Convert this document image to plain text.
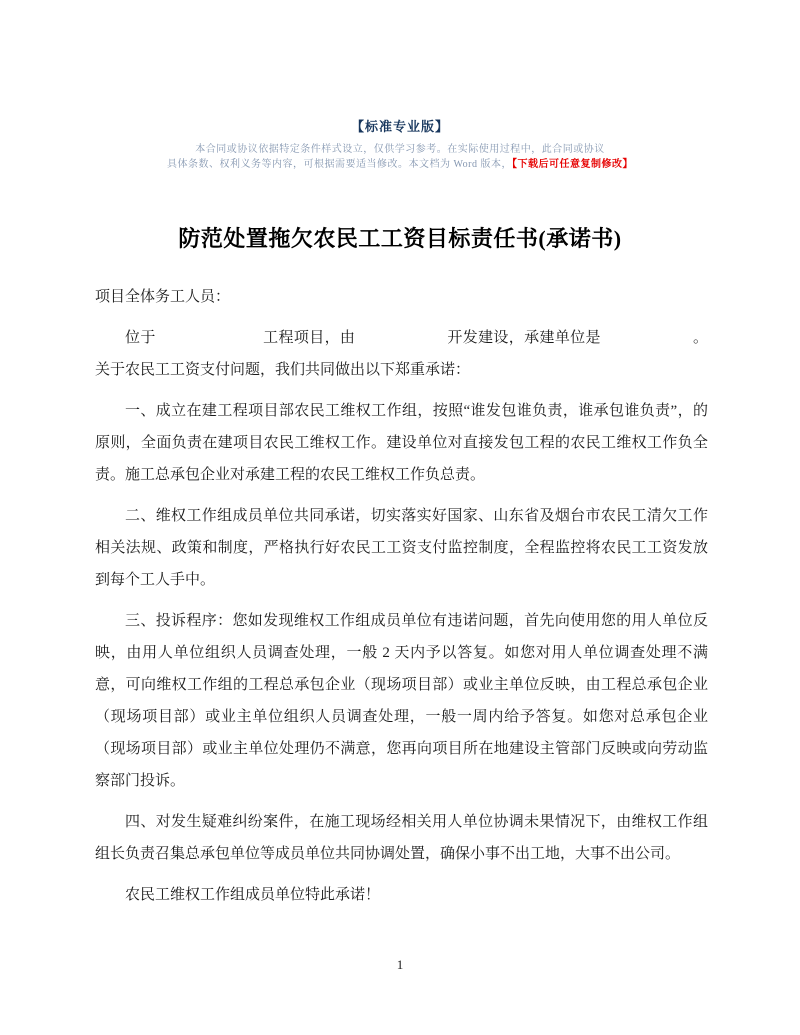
【标准专业版】
本合同或协议依据特定条件样式设立，仅供学习参考。在实际使用过程中，此合同或协议
具体条数、权利义务等内容，可根据需要适当修改。本文档为 Word 版本，【下载后可任意复制修改】
防范处置拖欠农民工工资目标责任书(承诺书)

项目全体务工人员：

位于　　　　　　　工程项目，由　　　　　　开发建设，承建单位是　　　　　　。关于农民工工资支付问题，我们共同做出以下郑重承诺：

一、成立在建工程项目部农民工维权工作组，按照“谁发包谁负责，谁承包谁负责”，的原则，全面负责在建项目农民工维权工作。建设单位对直接发包工程的农民工维权工作负全责。施工总承包企业对承建工程的农民工维权工作负总责。

二、维权工作组成员单位共同承诺，切实落实好国家、山东省及烟台市农民工清欠工作相关法规、政策和制度，严格执行好农民工工资支付监控制度，全程监控将农民工工资发放到每个工人手中。

三、投诉程序：您如发现维权工作组成员单位有违诺问题，首先向使用您的用人单位反映，由用人单位组织人员调查处理，一般 2 天内予以答复。如您对用人单位调查处理不满意，可向维权工作组的工程总承包企业（现场项目部）或业主单位反映，由工程总承包企业（现场项目部）或业主单位组织人员调查处理，一般一周内给予答复。如您对总承包企业（现场项目部）或业主单位处理仍不满意，您再向项目所在地建设主管部门反映或向劳动监察部门投诉。

四、对发生疑难纠纷案件，在施工现场经相关用人单位协调未果情况下，由维权工作组组长负责召集总承包单位等成员单位共同协调处置，确保小事不出工地，大事不出公司。

农民工维权工作组成员单位特此承诺！

1
